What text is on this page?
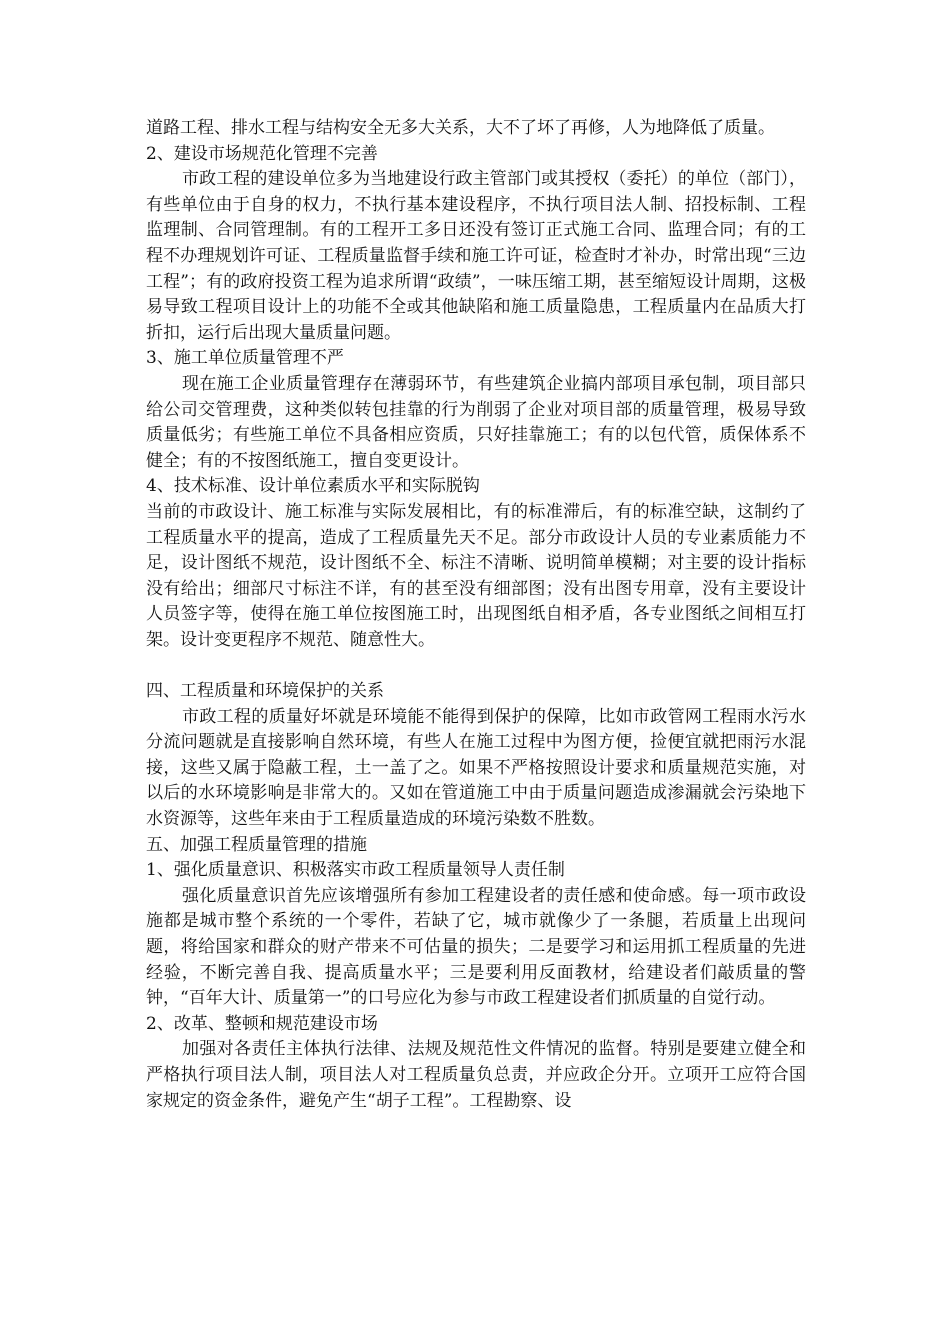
道路工程、排水工程与结构安全无多大关系，大不了坏了再修，人为地降低了质量。

2、建设市场规范化管理不完善

市政工程的建设单位多为当地建设行政主管部门或其授权（委托）的单位（部门），有些单位由于自身的权力，不执行基本建设程序，不执行项目法人制、招投标制、工程监理制、合同管理制。有的工程开工多日还没有签订正式施工合同、监理合同；有的工程不办理规划许可证、工程质量监督手续和施工许可证，检查时才补办，时常出现“三边工程”；有的政府投资工程为追求所谓“政绩”，一味压缩工期，甚至缩短设计周期，这极易导致工程项目设计上的功能不全或其他缺陷和施工质量隐患，工程质量内在品质大打折扣，运行后出现大量质量问题。

3、施工单位质量管理不严

现在施工企业质量管理存在薄弱环节，有些建筑企业搞内部项目承包制，项目部只给公司交管理费，这种类似转包挂靠的行为削弱了企业对项目部的质量管理，极易导致质量低劣；有些施工单位不具备相应资质，只好挂靠施工；有的以包代管，质保体系不健全；有的不按图纸施工，擅自变更设计。

4、技术标准、设计单位素质水平和实际脱钩

当前的市政设计、施工标准与实际发展相比，有的标准滞后，有的标准空缺，这制约了工程质量水平的提高，造成了工程质量先天不足。部分市政设计人员的专业素质能力不足，设计图纸不规范，设计图纸不全、标注不清晰、说明简单模糊；对主要的设计指标没有给出；细部尺寸标注不详，有的甚至没有细部图；没有出图专用章，没有主要设计人员签字等，使得在施工单位按图施工时，出现图纸自相矛盾，各专业图纸之间相互打架。设计变更程序不规范、随意性大。

四、工程质量和环境保护的关系

市政工程的质量好坏就是环境能不能得到保护的保障，比如市政管网工程雨水污水分流问题就是直接影响自然环境，有些人在施工过程中为图方便，捡便宜就把雨污水混接，这些又属于隐蔽工程，土一盖了之。如果不严格按照设计要求和质量规范实施，对以后的水环境影响是非常大的。又如在管道施工中由于质量问题造成渗漏就会污染地下水资源等，这些年来由于工程质量造成的环境污染数不胜数。

五、加强工程质量管理的措施

1、强化质量意识、积极落实市政工程质量领导人责任制

强化质量意识首先应该增强所有参加工程建设者的责任感和使命感。每一项市政设施都是城市整个系统的一个零件，若缺了它，城市就像少了一条腿，若质量上出现问题，将给国家和群众的财产带来不可估量的损失；二是要学习和运用抓工程质量的先进经验，不断完善自我、提高质量水平；三是要利用反面教材，给建设者们敲质量的警钟，“百年大计、质量第一”的口号应化为参与市政工程建设者们抓质量的自觉行动。

2、改革、整顿和规范建设市场

加强对各责任主体执行法律、法规及规范性文件情况的监督。特别是要建立健全和严格执行项目法人制，项目法人对工程质量负总责，并应政企分开。立项开工应符合国家规定的资金条件，避免产生“胡子工程”。工程勘察、设
